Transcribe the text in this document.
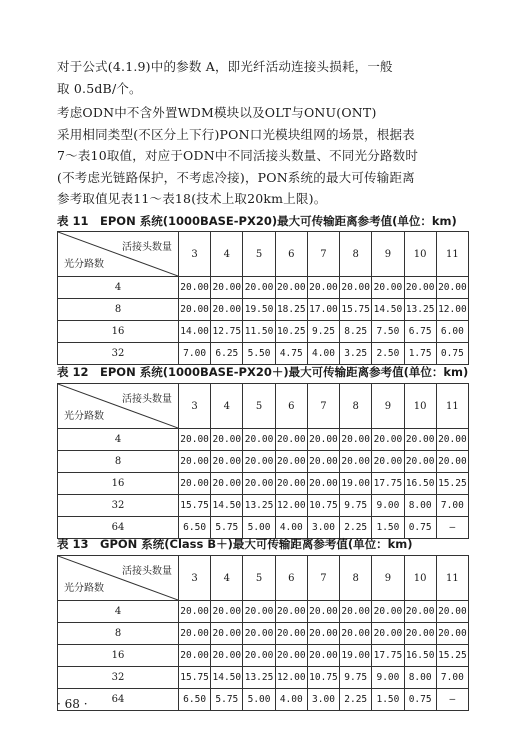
对于公式(4.1.9)中的参数 A，即光纤活动连接头损耗，一般
取 0.5dB/个。

考虑ODN中不含外置WDM模块以及OLT与ONU(ONT)
采用相同类型(不区分上下行)PON口光模块组网的场景，根据表
7～表10取值，对应于ODN中不同活接头数量、不同光分路数时
(不考虑光链路保护，不考虑冷接)，PON系统的最大可传输距离
参考取值见表11～表18(技术上取20km上限)。

表 11　EPON 系统(1000BASE-PX20)最大可传输距离参考值(单位：km)

活接头数量
光分路数	3	4	5	6	7	8	9	10	11
4	20.00	20.00	20.00	20.00	20.00	20.00	20.00	20.00	20.00
8	20.00	20.00	19.50	18.25	17.00	15.75	14.50	13.25	12.00
16	14.00	12.75	11.50	10.25	9.25	8.25	7.50	6.75	6.00
32	7.00	6.25	5.50	4.75	4.00	3.25	2.50	1.75	0.75

表 12　EPON 系统(1000BASE-PX20＋)最大可传输距离参考值(单位：km)

活接头数量
光分路数	3	4	5	6	7	8	9	10	11
4	20.00	20.00	20.00	20.00	20.00	20.00	20.00	20.00	20.00
8	20.00	20.00	20.00	20.00	20.00	20.00	20.00	20.00	20.00
16	20.00	20.00	20.00	20.00	20.00	19.00	17.75	16.50	15.25
32	15.75	14.50	13.25	12.00	10.75	9.75	9.00	8.00	7.00
64	6.50	5.75	5.00	4.00	3.00	2.25	1.50	0.75	—

表 13　GPON 系统(Class B＋)最大可传输距离参考值(单位：km)

活接头数量
光分路数	3	4	5	6	7	8	9	10	11
4	20.00	20.00	20.00	20.00	20.00	20.00	20.00	20.00	20.00
8	20.00	20.00	20.00	20.00	20.00	20.00	20.00	20.00	20.00
16	20.00	20.00	20.00	20.00	20.00	19.00	17.75	16.50	15.25
32	15.75	14.50	13.25	12.00	10.75	9.75	9.00	8.00	7.00
64	6.50	5.75	5.00	4.00	3.00	2.25	1.50	0.75	—
· 68 ·
